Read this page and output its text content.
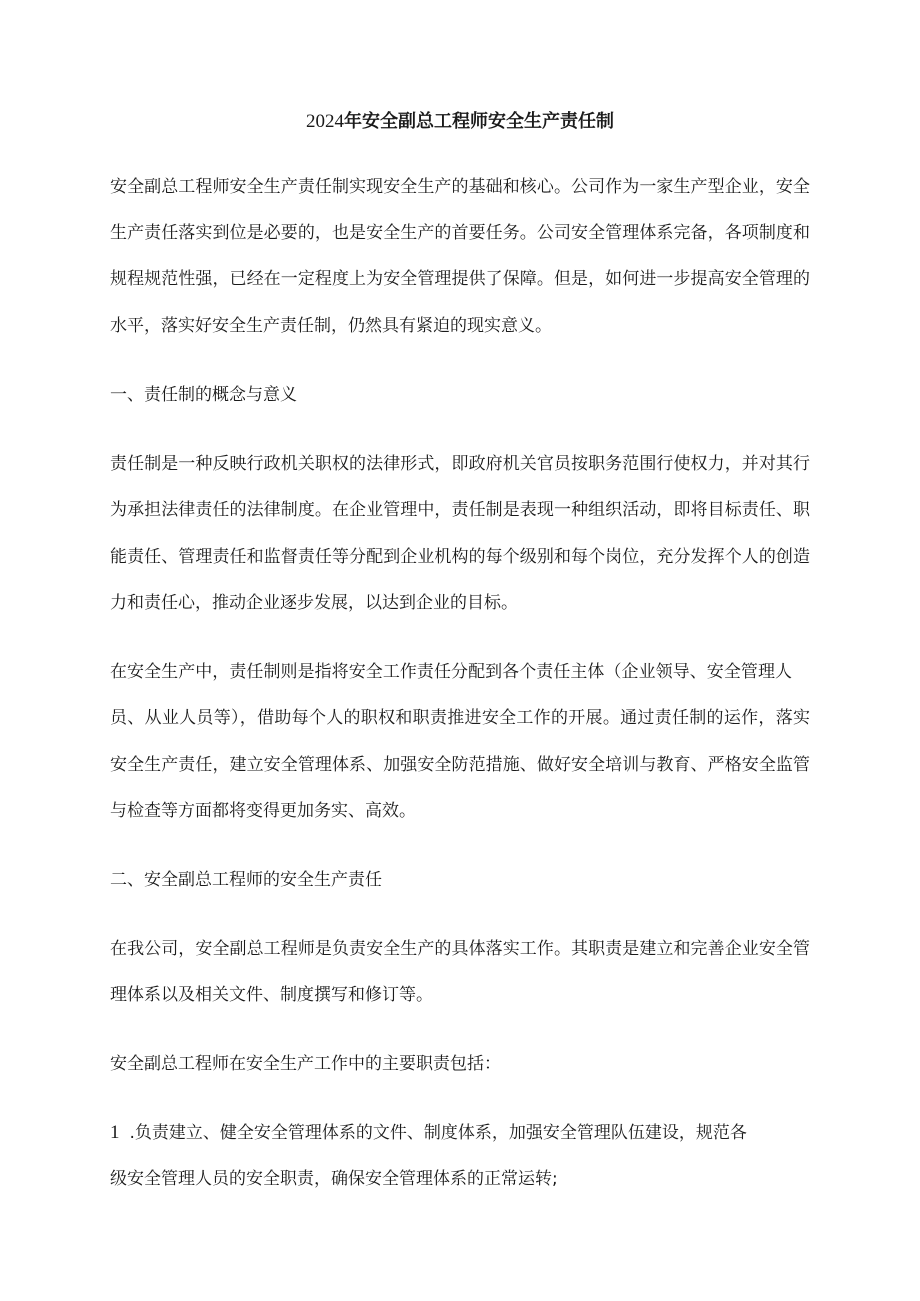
2024年安全副总工程师安全生产责任制
安全副总工程师安全生产责任制实现安全生产的基础和核心。公司作为一家生产型企业，安全
生产责任落实到位是必要的，也是安全生产的首要任务。公司安全管理体系完备，各项制度和
规程规范性强，已经在一定程度上为安全管理提供了保障。但是，如何进一步提高安全管理的
水平，落实好安全生产责任制，仍然具有紧迫的现实意义。
一、责任制的概念与意义
责任制是一种反映行政机关职权的法律形式，即政府机关官员按职务范围行使权力，并对其行
为承担法律责任的法律制度。在企业管理中，责任制是表现一种组织活动，即将目标责任、职
能责任、管理责任和监督责任等分配到企业机构的每个级别和每个岗位，充分发挥个人的创造
力和责任心，推动企业逐步发展，以达到企业的目标。
在安全生产中，责任制则是指将安全工作责任分配到各个责任主体（企业领导、安全管理人
员、从业人员等），借助每个人的职权和职责推进安全工作的开展。通过责任制的运作，落实
安全生产责任，建立安全管理体系、加强安全防范措施、做好安全培训与教育、严格安全监管
与检查等方面都将变得更加务实、高效。
二、安全副总工程师的安全生产责任
在我公司，安全副总工程师是负责安全生产的具体落实工作。其职责是建立和完善企业安全管
理体系以及相关文件、制度撰写和修订等。
安全副总工程师在安全生产工作中的主要职责包括：
1 .负责建立、健全安全管理体系的文件、制度体系，加强安全管理队伍建设，规范各
级安全管理人员的安全职责，确保安全管理体系的正常运转;
